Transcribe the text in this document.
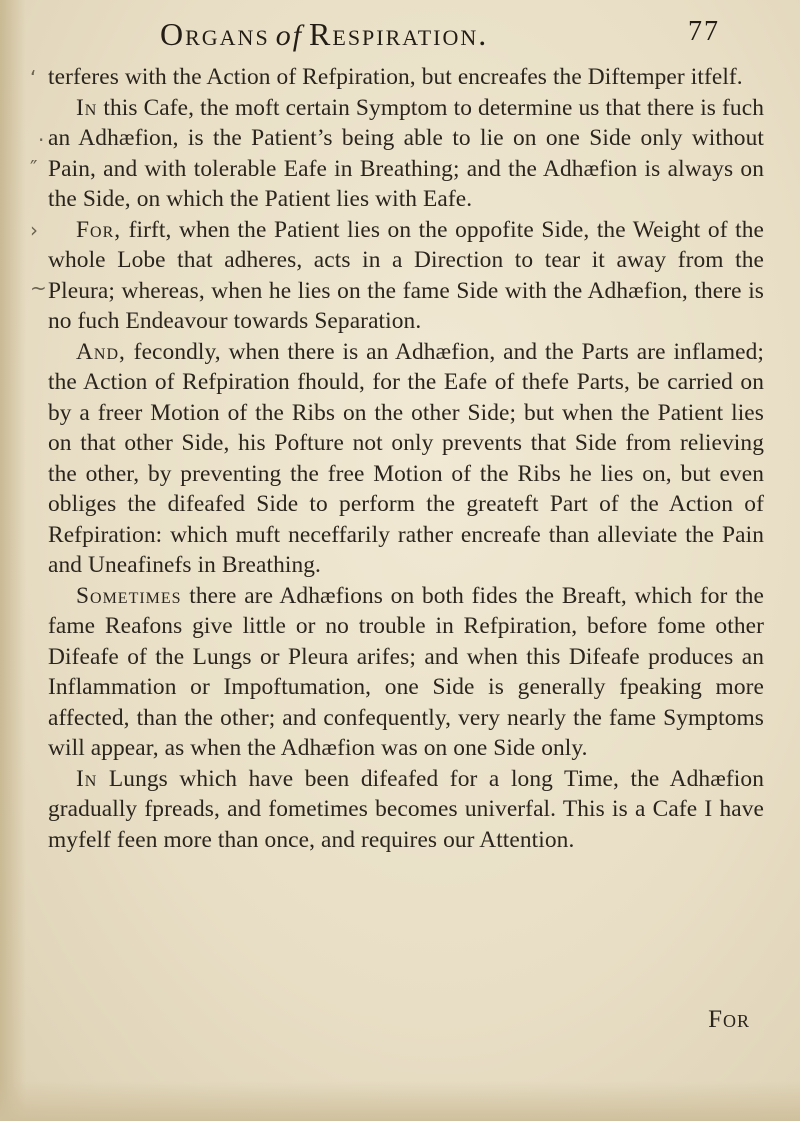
Organs of Respiration.	77
‘
·
″
›
~

terferes with the Action of Refpiration, but encreafes the Diftemper itfelf.

In this Cafe, the moft certain Symptom to determine us that there is fuch an Adhæfion, is the Patient’s being able to lie on one Side only without Pain, and with tolerable Eafe in Breathing; and the Adhæfion is always on the Side, on which the Patient lies with Eafe.

For, firft, when the Patient lies on the oppofite Side, the Weight of the whole Lobe that adheres, acts in a Direction to tear it away from the Pleura; whereas, when he lies on the fame Side with the Adhæfion, there is no fuch Endeavour towards Separation.

And, fecondly, when there is an Adhæfion, and the Parts are inflamed; the Action of Refpiration fhould, for the Eafe of thefe Parts, be carried on by a freer Motion of the Ribs on the other Side; but when the Patient lies on that other Side, his Pofture not only prevents that Side from relieving the other, by preventing the free Motion of the Ribs he lies on, but even obliges the difeafed Side to perform the greateft Part of the Action of Refpiration: which muft neceffarily rather encreafe than alleviate the Pain and Uneafinefs in Breathing.

Sometimes there are Adhæfions on both fides the Breaft, which for the fame Reafons give little or no trouble in Refpiration, before fome other Difeafe of the Lungs or Pleura arifes; and when this Difeafe produces an Inflammation or Impoftumation, one Side is generally fpeaking more affected, than the other; and confequently, very nearly the fame Symptoms will appear, as when the Adhæfion was on one Side only.

In Lungs which have been difeafed for a long Time, the Adhæfion gradually fpreads, and fometimes becomes univerfal. This is a Cafe I have myfelf feen more than once, and requires our Attention.

For
